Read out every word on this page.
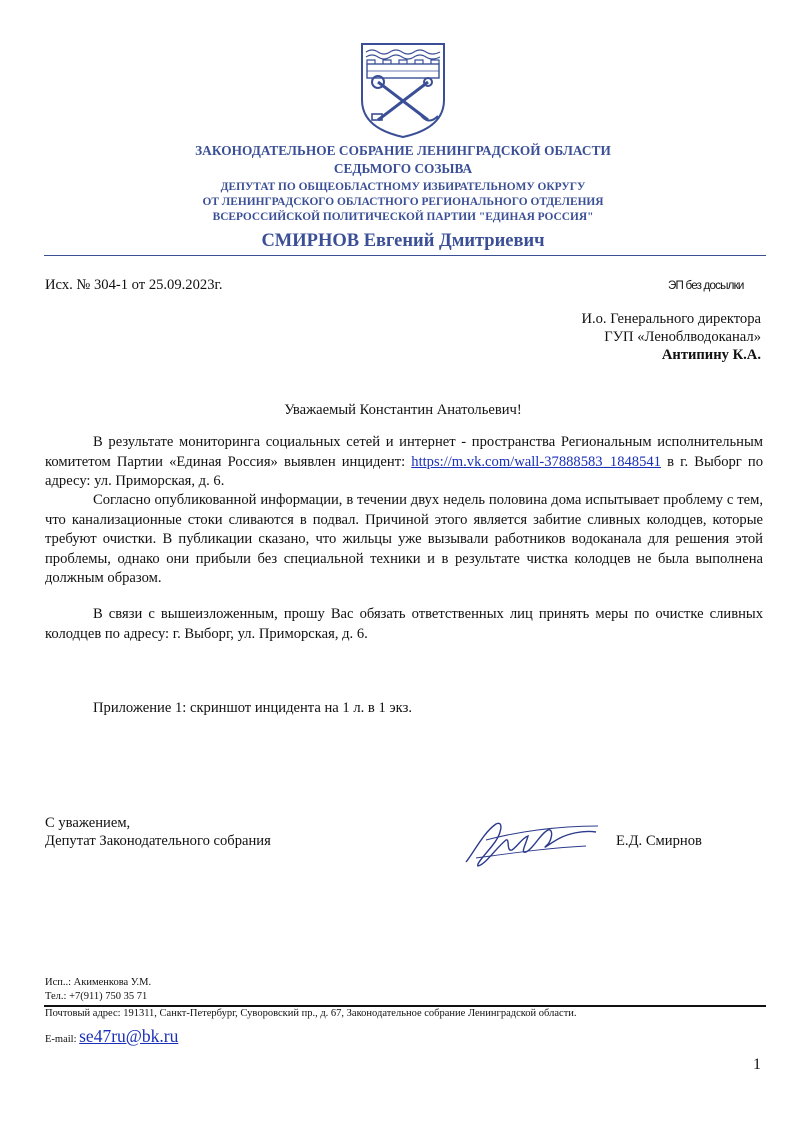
ЗАКОНОДАТЕЛЬНОЕ СОБРАНИЕ ЛЕНИНГРАДСКОЙ ОБЛАСТИ
СЕДЬМОГО СОЗЫВА
ДЕПУТАТ ПО ОБЩЕОБЛАСТНОМУ ИЗБИРАТЕЛЬНОМУ ОКРУГУ
ОТ ЛЕНИНГРАДСКОГО ОБЛАСТНОГО РЕГИОНАЛЬНОГО ОТДЕЛЕНИЯ
ВСЕРОССИЙСКОЙ ПОЛИТИЧЕСКОЙ ПАРТИИ "ЕДИНАЯ РОССИЯ"
СМИРНОВ Евгений Дмитриевич
Исх. № 304-1 от 25.09.2023г.	ЭП без досылки
И.о. Генерального директора
ГУП «Леноблводоканал»
Антипину К.А.
Уважаемый Константин Анатольевич!
В результате мониторинга социальных сетей и интернет - пространства Региональным исполнительным комитетом Партии «Единая Россия» выявлен инцидент: https://m.vk.com/wall-37888583_1848541 в г. Выборг по адресу: ул. Приморская, д. 6.
Согласно опубликованной информации, в течении двух недель половина дома испытывает проблему с тем, что канализационные стоки сливаются в подвал. Причиной этого является забитие сливных колодцев, которые требуют очистки. В публикации сказано, что жильцы уже вызывали работников водоканала для решения этой проблемы, однако они прибыли без специальной техники и в результате чистка колодцев не была выполнена должным образом.
В связи с вышеизложенным, прошу Вас обязать ответственных лиц принять меры по очистке сливных колодцев по адресу: г. Выборг, ул. Приморская, д. 6.
Приложение 1: скриншот инцидента на 1 л. в 1 экз.
С уважением,
Депутат Законодательного собрания	Е.Д. Смирнов
Исп..: Акименкова У.М.
Тел.: +7(911) 750 35 71
Почтовый адрес: 191311, Санкт-Петербург, Суворовский пр., д. 67, Законодательное собрание Ленинградской области.
E-mail: se47ru@bk.ru
1
